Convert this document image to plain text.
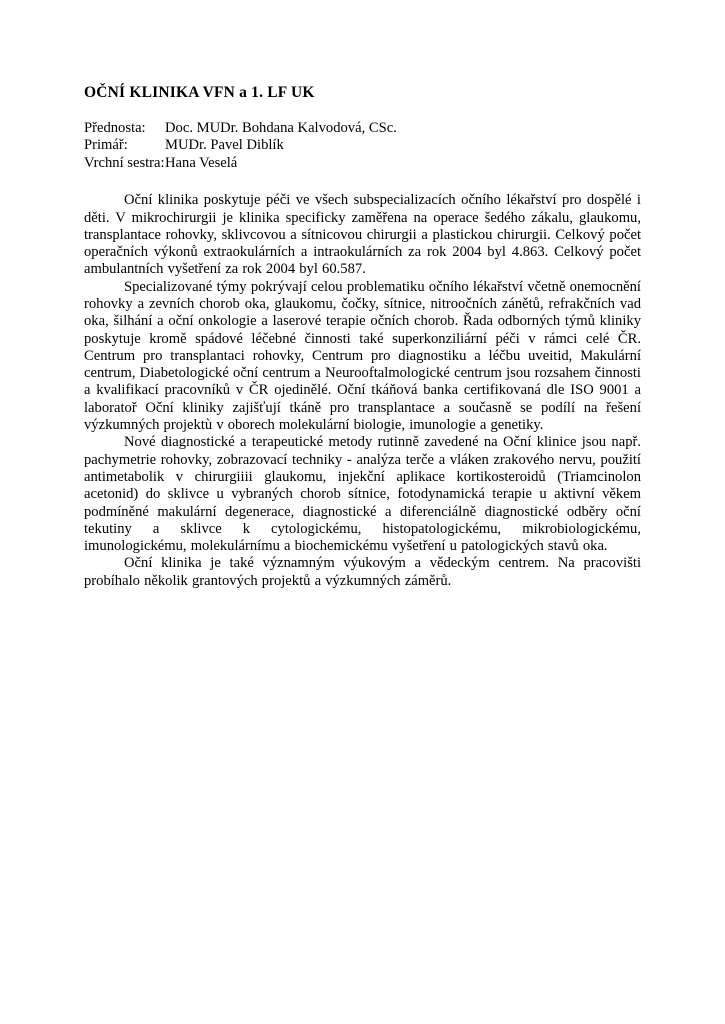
OČNÍ KLINIKA VFN a 1. LF UK
Přednosta:	Doc. MUDr. Bohdana Kalvodová, CSc.
Primář:	MUDr. Pavel Diblík
Vrchní sestra: Hana Veselá

Oční klinika poskytuje péči ve všech subspecializacích očního lékařství pro dospělé i děti. V mikrochirurgii je klinika specificky zaměřena na operace šedého zákalu, glaukomu, transplantace rohovky, sklivcovou a sítnicovou chirurgii a plastickou chirurgii. Celkový počet operačních výkonů extraokulárních a intraokulárních za rok 2004 byl 4.863. Celkový počet ambulantních vyšetření za rok 2004 byl 60.587.

Specializované týmy pokrývají celou problematiku očního lékařství včetně onemocnění rohovky a zevních chorob oka, glaukomu, čočky, sítnice, nitroočních zánětů, refrakčních vad oka, šilhání a oční onkologie a laserové terapie očních chorob. Řada odborných týmů kliniky poskytuje kromě spádové léčebné činnosti také superkonziliární péči v rámci celé ČR. Centrum pro transplantaci rohovky, Centrum pro diagnostiku a léčbu uveitid, Makulární centrum, Diabetologické oční centrum a Neurooftalmologické centrum jsou rozsahem činnosti a kvalifikací pracovníků v ČR ojedinělé. Oční tkáňová banka certifikovaná dle ISO 9001 a laboratoř Oční kliniky zajišťují tkáně pro transplantace a současně se podílí na řešení výzkumných projektù v oborech molekulární biologie, imunologie a genetiky.

Nové diagnostické a terapeutické metody rutinně zavedené na Oční klinice jsou např. pachymetrie rohovky, zobrazovací techniky - analýza terče a vláken zrakového nervu, použití antimetabolik v chirurgiiii glaukomu, injekční aplikace kortikosteroidů (Triamcinolon acetonid) do sklivce u vybraných chorob sítnice, fotodynamická terapie u aktivní věkem podmíněné makulární degenerace, diagnostické a diferenciálně diagnostické odběry oční tekutiny a sklivce k cytologickému, histopatologickému, mikrobiologickému, imunologickému, molekulárnímu a biochemickému vyšetření u patologických stavů oka.

Oční klinika je také významným výukovým a vědeckým centrem. Na pracovišti probíhalo několik grantových projektů a výzkumných záměrů.
